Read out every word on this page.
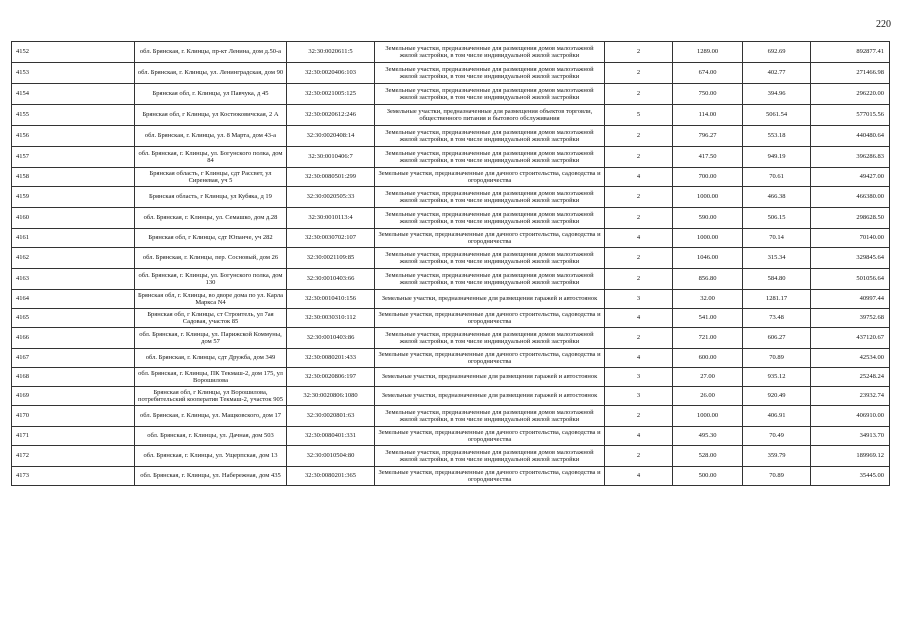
220
4152	обл. Брянская, г. Клинцы, пр-кт Ленина, дом д.50-а	32:30:0020611:5	Земельные участки, предназначенные для размещения домов малоэтажной жилой застройки, в том числе индивидуальной жилой застройки	2	1289.00	692.69	892877.41
4153	обл. Брянская, г. Клинцы, ул. Ленинградская, дом 90	32:30:0020406:103	Земельные участки, предназначенные для размещения домов малоэтажной жилой застройки, в том числе индивидуальной жилой застройки	2	674.00	402.77	271466.98
4154	Брянская обл, г. Клинцы, ул Павчука, д 45	32:30:0021005:125	Земельные участки, предназначенные для размещения домов малоэтажной жилой застройки, в том числе индивидуальной жилой застройки	2	750.00	394.96	296220.00
4155	Брянская обл, г Клинцы, ул Костюковичская, 2 А	32:30:0020612:246	Земельные участки, предназначенные для размещения объектов торговли, общественного питания и бытового обслуживания	5	114.00	5061.54	577015.56
4156	обл. Брянская, г. Клинцы, ул. 8 Марта, дом 43-а	32:30:0020408:14	Земельные участки, предназначенные для размещения домов малоэтажной жилой застройки, в том числе индивидуальной жилой застройки	2	796.27	553.18	440480.64
4157	обл. Брянская, г. Клинцы, ул. Богунского полка, дом 84	32:30:0010406:7	Земельные участки, предназначенные для размещения домов малоэтажной жилой застройки, в том числе индивидуальной жилой застройки	2	417.50	949.19	396286.83
4158	Брянская область, г Клинцы, сдт Рассвет, ул Сиреневая, уч 5	32:30:0080501:299	Земельные участки, предназначенные для дачного строительства, садоводства и огородничества	4	700.00	70.61	49427.00
4159	Брянская область, г Клинцы, ул Кубяка, д 19	32:30:0020505:33	Земельные участки, предназначенные для размещения домов малоэтажной жилой застройки, в том числе индивидуальной жилой застройки	2	1000.00	466.38	466380.00
4160	обл. Брянская, г. Клинцы, ул. Семашко, дом д.28	32:30:0010113:4	Земельные участки, предназначенные для размещения домов малоэтажной жилой застройки, в том числе индивидуальной жилой застройки	2	590.00	506.15	298628.50
4161	Брянская обл, г Клинцы, сдт Юпанче, уч 282	32:30:0030702:107	Земельные участки, предназначенные для дачного строительства, садоводства и огородничества	4	1000.00	70.14	70140.00
4162	обл. Брянская, г. Клинцы, пер. Сосновый, дом 26	32:30:0021109:85	Земельные участки, предназначенные для размещения домов малоэтажной жилой застройки, в том числе индивидуальной жилой застройки	2	1046.00	315.34	329845.64
4163	обл. Брянская, г. Клинцы, ул. Богунского полка, дом 130	32:30:0010403:66	Земельные участки, предназначенные для размещения домов малоэтажной жилой застройки, в том числе индивидуальной жилой застройки	2	856.80	584.80	501056.64
4164	Брянская обл, г. Клинцы, во дворе дома по ул. Карла Маркса N4	32:30:0010410:156	Земельные участки, предназначенные для размещения гаражей и автостоянок	3	32.00	1281.17	40997.44
4165	Брянская обл, г Клинцы, ст Строитель, ул 7ая Садовая, участок 85	32:30:0030310:112	Земельные участки, предназначенные для дачного строительства, садоводства и огородничества	4	541.00	73.48	39752.68
4166	обл. Брянская, г. Клинцы, ул. Парижской Коммуны, дом 57	32:30:0010403:86	Земельные участки, предназначенные для размещения домов малоэтажной жилой застройки, в том числе индивидуальной жилой застройки	2	721.00	606.27	437120.67
4167	обл. Брянская, г. Клинцы, сдт Дружба, дом 349	32:30:0080201:433	Земельные участки, предназначенные для дачного строительства, садоводства и огородничества	4	600.00	70.89	42534.00
4168	обл. Брянская, г. Клинцы, ПК Текмаш-2, дом 175, ул Ворошилова	32:30:0020806:197	Земельные участки, предназначенные для размещения гаражей и автостоянок	3	27.00	935.12	25248.24
4169	Брянская обл, г Клинцы, ул Ворошилова, потребительский кооператив Текмаш-2, участок 905	32:30:0020806:1080	Земельные участки, предназначенные для размещения гаражей и автостоянок	3	26.00	920.49	23932.74
4170	обл. Брянская, г. Клинцы, ул. Мащковского, дом 17	32:30:0020801:63	Земельные участки, предназначенные для размещения домов малоэтажной жилой застройки, в том числе индивидуальной жилой застройки	2	1000.00	406.91	406910.00
4171	обл. Брянская, г. Клинцы, ул. Дачная, дом 503	32:30:0080401:331	Земельные участки, предназначенные для дачного строительства, садоводства и огородничества	4	495.30	70.49	34913.70
4172	обл. Брянская, г. Клинцы, ул. Ущерпская, дом 13	32:30:0010504:80	Земельные участки, предназначенные для размещения домов малоэтажной жилой застройки, в том числе индивидуальной жилой застройки	2	528.00	359.79	189969.12
4173	обл. Брянская, г. Клинцы, ул. Набережная, дом 435	32:30:0080201:365	Земельные участки, предназначенные для дачного строительства, садоводства и огородничества	4	500.00	70.89	35445.00
